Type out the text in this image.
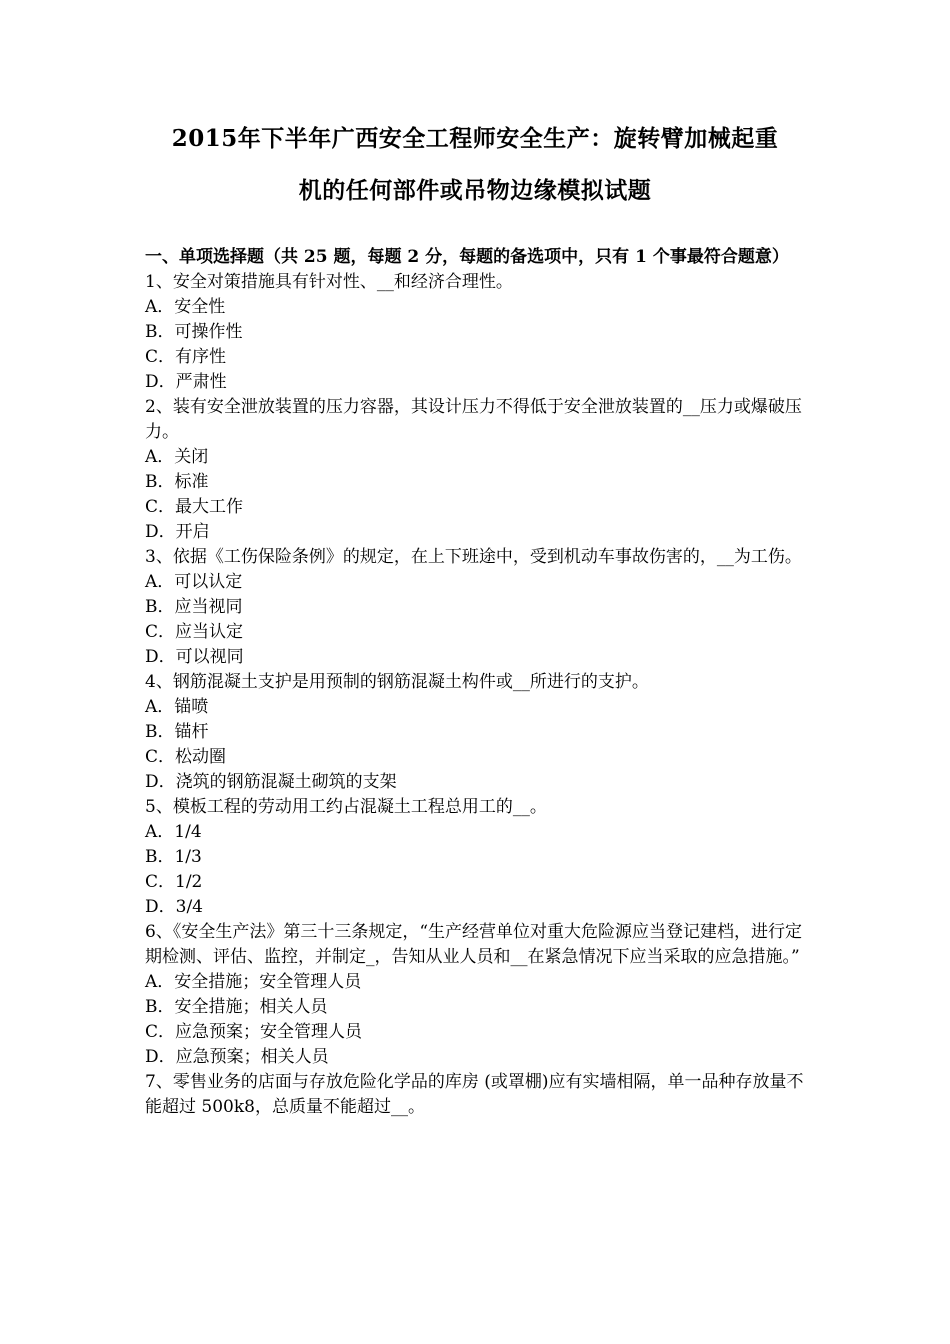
2015年下半年广西安全工程师安全生产：旋转臂加械起重
机的任何部件或吊物边缘模拟试题

一、单项选择题（共 25 题，每题 2 分，每题的备选项中，只有 1 个事最符合题意）

1、安全对策措施具有针对性、__和经济合理性。

A．安全性

B．可操作性

C．有序性

D．严肃性

2、装有安全泄放装置的压力容器，其设计压力不得低于安全泄放装置的__压力或爆破压力。

A．关闭

B．标准

C．最大工作

D．开启

3、依据《工伤保险条例》的规定，在上下班途中，受到机动车事故伤害的，__为工伤。

A．可以认定

B．应当视同

C．应当认定

D．可以视同

4、钢筋混凝土支护是用预制的钢筋混凝土构件或__所进行的支护。

A．锚喷

B．锚杆

C．松动圈

D．浇筑的钢筋混凝土砌筑的支架

5、模板工程的劳动用工约占混凝土工程总用工的__。

A．1/4

B．1/3

C．1/2

D．3/4

6、《安全生产法》第三十三条规定，“生产经营单位对重大危险源应当登记建档，进行定期检测、评估、监控，并制定_，告知从业人员和__在紧急情况下应当采取的应急措施。”

A．安全措施；安全管理人员

B．安全措施；相关人员

C．应急预案；安全管理人员

D．应急预案；相关人员

7、零售业务的店面与存放危险化学品的库房 (或罩棚)应有实墙相隔，单一品种存放量不能超过 500k8，总质量不能超过__。
